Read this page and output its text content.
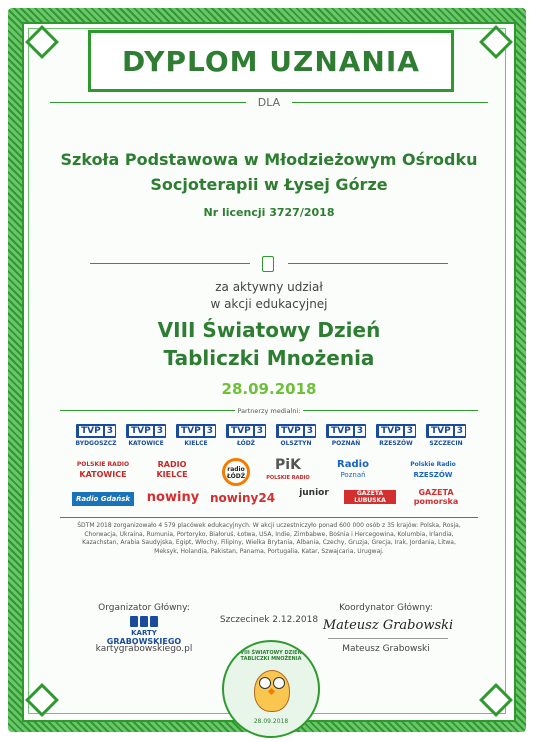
DYPLOM UZNANIA
DLA
Szkoła Podstawowa w Młodzieżowym Ośrodku
Socjoterapii w Łysej Górze
Nr licencji 3727/2018
za aktywny udział
w akcji edukacyjnej
VIII Światowy Dzień
Tabliczki Mnożenia
28.09.2018
Partnerzy medialni:
TVP 3
BYDGOSZCZ
TVP 3
KATOWICE
TVP 3
KIELCE
TVP 3
ŁÓDŹ
TVP 3
OLSZTYN
TVP 3
POZNAŃ
TVP 3
RZESZÓW
TVP 3
SZCZECIN
POLSKIE RADIO
KATOWICE
RADIO
KIELCE
radio
ŁÓDŹ
PiK
POLSKIE RADIO
Radio
Poznań
Polskie Radio
RZESZÓW
Radio Gdańsk	nowiny nowiny24	junior	GAZETA LUBUSKA
GAZETA pomorska
ŚDTM 2018 zorganizowało 4 579 placówek edukacyjnych. W akcji uczestniczyło ponad 600 000 osób z 35 krajów: Polska, Rosja, Chorwacja, Ukraina, Rumunia, Portoryko, Białoruś, Łotwa, USA, Indie, Zimbabwe, Bośnia i Hercegowina, Kolumbia, Irlandia, Kazachstan, Arabia Saudyjska, Egipt, Włochy, Filipiny, Wielka Brytania, Albania, Czechy, Gruzja, Grecja, Irak, Jordania, Litwa, Meksyk, Holandia, Pakistan, Panama, Portugalia, Katar, Szwajcaria, Urugwaj.
Organizator Główny:
KARTY
GRABOWSKIEGO
kartygrabowskiego.pl
Szczecinek 2.12.2018
Koordynator Główny:
Mateusz Grabowski
Mateusz Grabowski
VIII ŚWIATOWY DZIEŃ TABLICZKI MNOŻENIA
28.09.2018
